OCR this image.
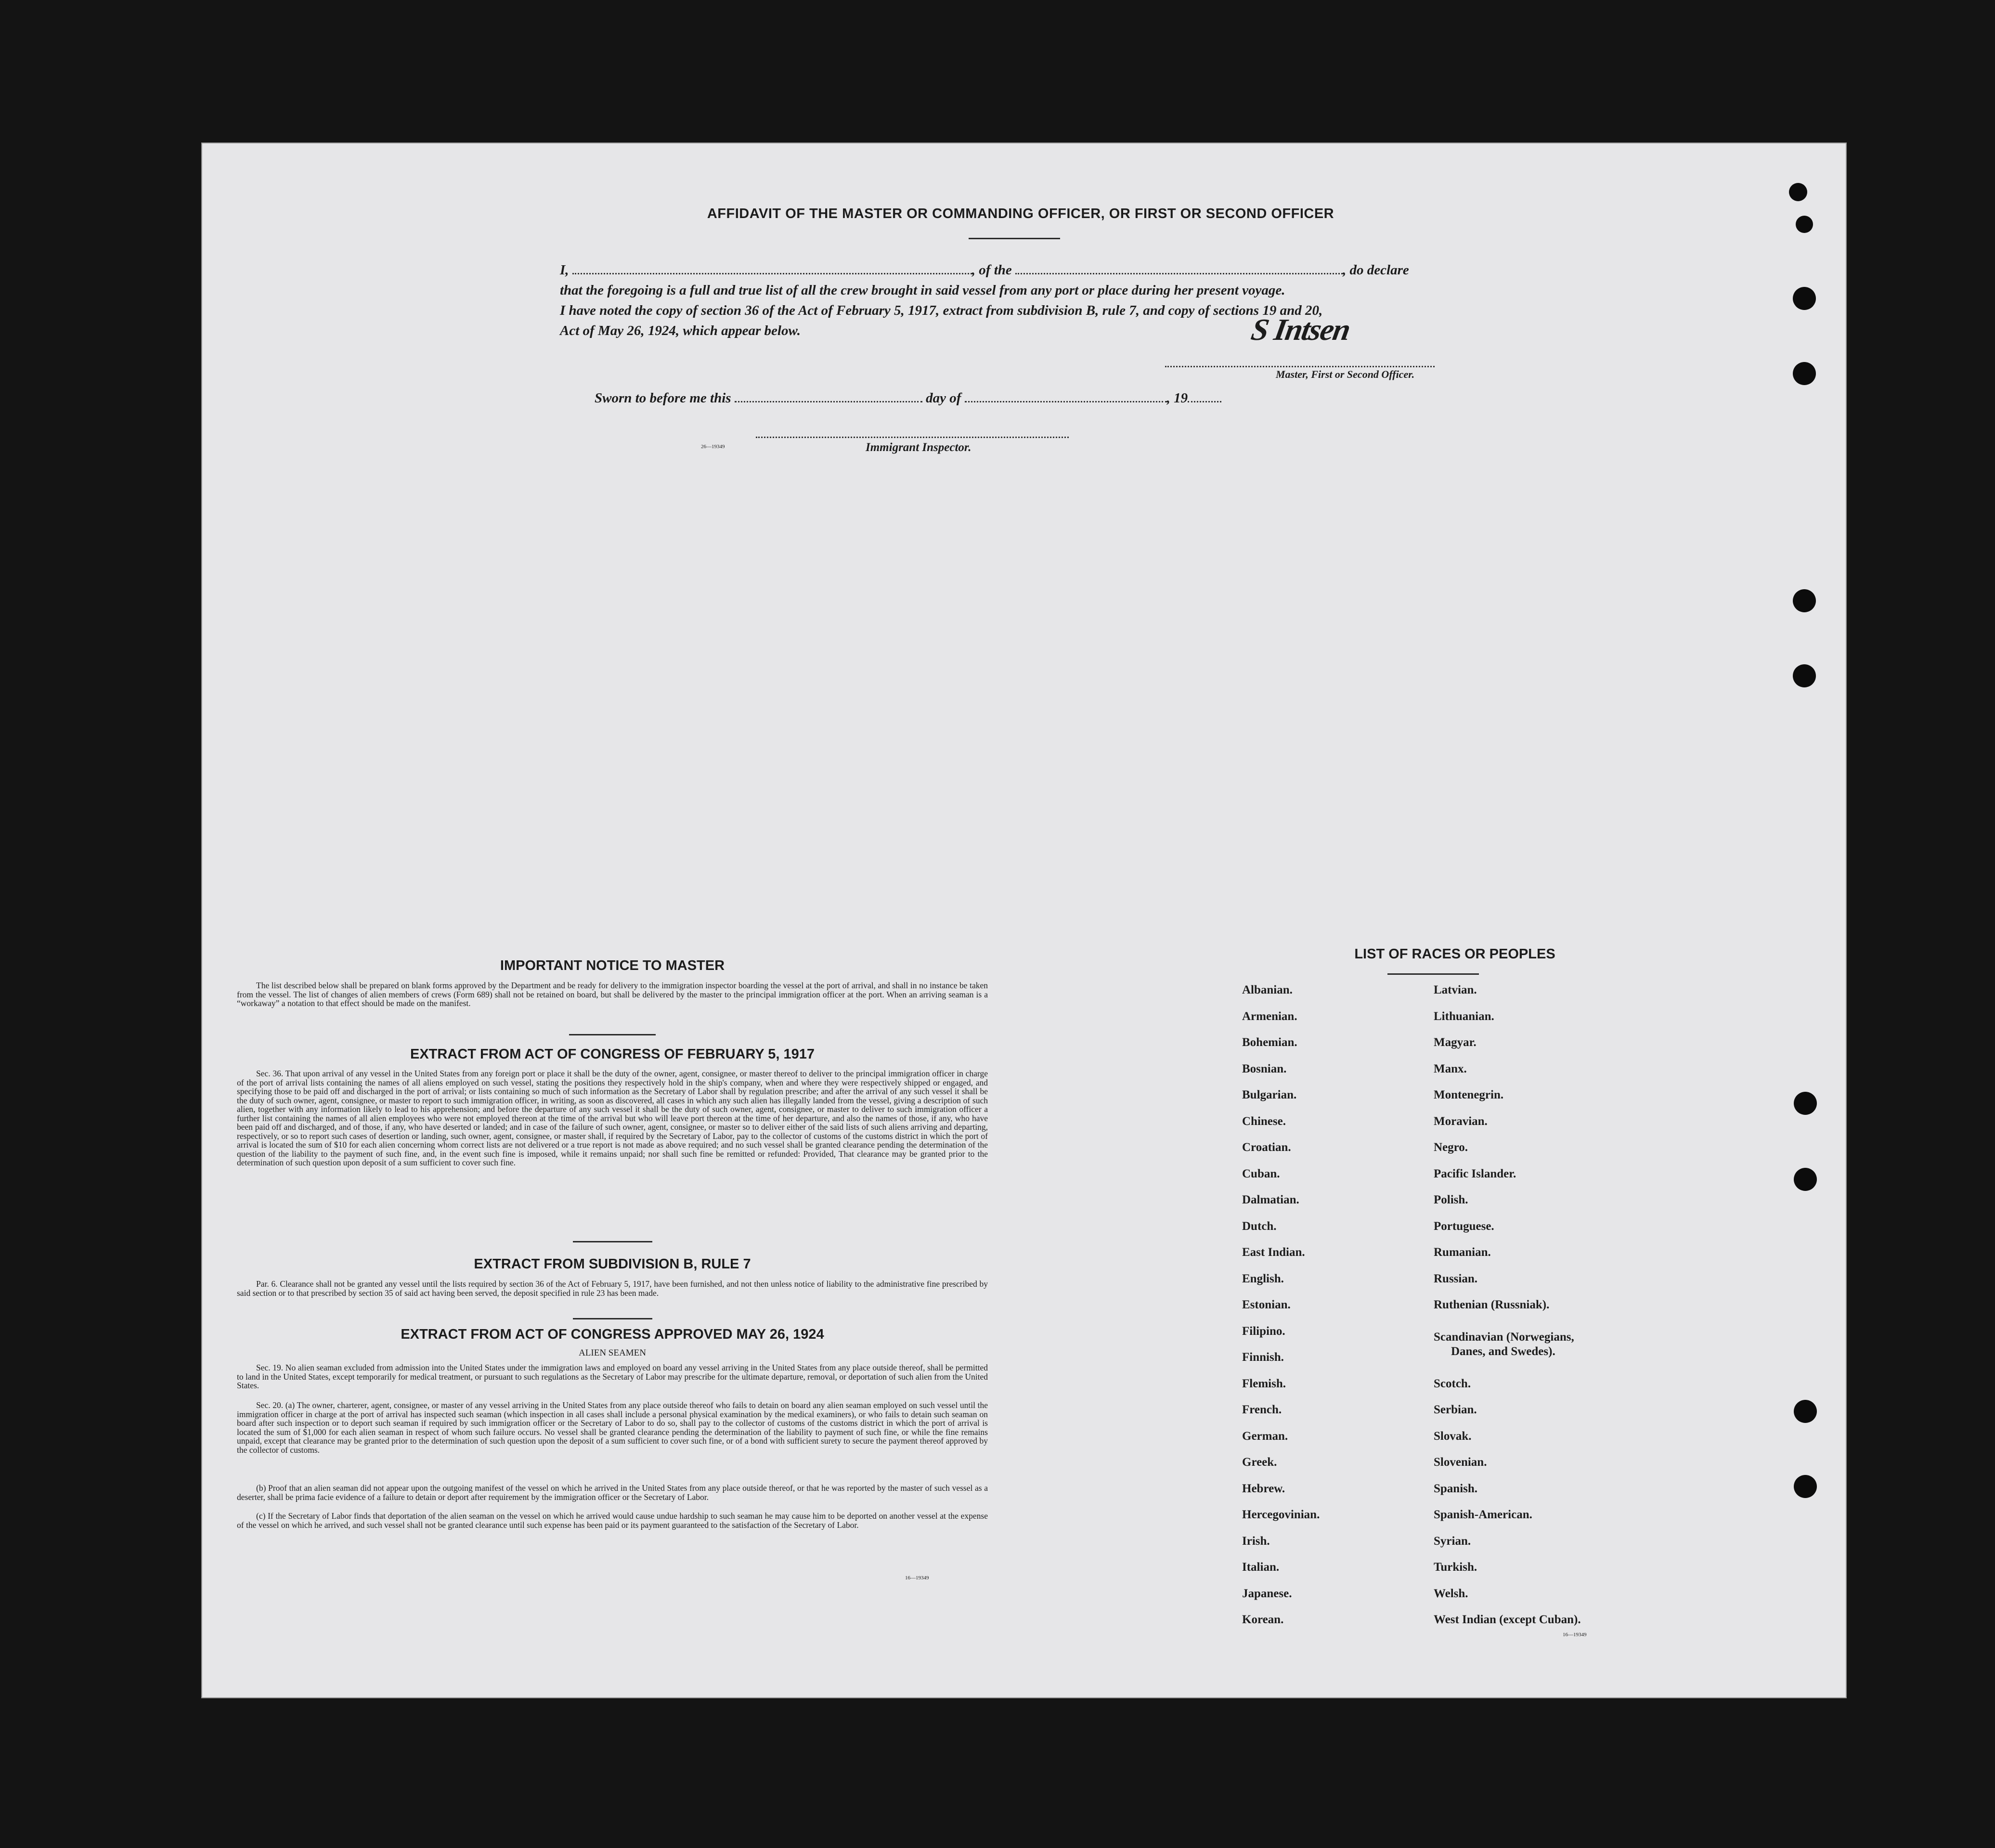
AFFIDAVIT OF THE MASTER OR COMMANDING OFFICER, OR FIRST OR SECOND OFFICER
I,	, of the	, do declare
that the foregoing is a full and true list of all the crew brought in said vessel from any port or place during her present voyage.
I have noted the copy of section 36 of the Act of February 5, 1917, extract from subdivision B, rule 7, and copy of sections 19 and 20,
Act of May 26, 1924, which appear below.	S Intsen
Master, First or Second Officer.
Sworn to before me this	day of	, 19
26—19349	Immigrant Inspector.
IMPORTANT NOTICE TO MASTER
The list described below shall be prepared on blank forms approved by the Department and be ready for delivery to the immigration inspector boarding the vessel at the port of arrival, and shall in no instance be taken from the vessel. The list of changes of alien members of crews (Form 689) shall not be retained on board, but shall be delivered by the master to the principal immigration officer at the port. When an arriving seaman is a “workaway” a notation to that effect should be made on the manifest.
EXTRACT FROM ACT OF CONGRESS OF FEBRUARY 5, 1917
Sec. 36. That upon arrival of any vessel in the United States from any foreign port or place it shall be the duty of the owner, agent, consignee, or master thereof to deliver to the principal immigration officer in charge of the port of arrival lists containing the names of all aliens employed on such vessel, stating the positions they respectively hold in the ship's company, when and where they were respectively shipped or engaged, and specifying those to be paid off and discharged in the port of arrival; or lists containing so much of such information as the Secretary of Labor shall by regulation prescribe; and after the arrival of any such vessel it shall be the duty of such owner, agent, consignee, or master to report to such immigration officer, in writing, as soon as discovered, all cases in which any such alien has illegally landed from the vessel, giving a description of such alien, together with any information likely to lead to his apprehension; and before the departure of any such vessel it shall be the duty of such owner, agent, consignee, or master to deliver to such immigration officer a further list containing the names of all alien employees who were not employed thereon at the time of the arrival but who will leave port thereon at the time of her departure, and also the names of those, if any, who have been paid off and discharged, and of those, if any, who have deserted or landed; and in case of the failure of such owner, agent, consignee, or master so to deliver either of the said lists of such aliens arriving and departing, respectively, or so to report such cases of desertion or landing, such owner, agent, consignee, or master shall, if required by the Secretary of Labor, pay to the collector of customs of the customs district in which the port of arrival is located the sum of $10 for each alien concerning whom correct lists are not delivered or a true report is not made as above required; and no such vessel shall be granted clearance pending the determination of the question of the liability to the payment of such fine, and, in the event such fine is imposed, while it remains unpaid; nor shall such fine be remitted or refunded: Provided, That clearance may be granted prior to the determination of such question upon deposit of a sum sufficient to cover such fine.
EXTRACT FROM SUBDIVISION B, RULE 7
Par. 6. Clearance shall not be granted any vessel until the lists required by section 36 of the Act of February 5, 1917, have been furnished, and not then unless notice of liability to the administrative fine prescribed by said section or to that prescribed by section 35 of said act having been served, the deposit specified in rule 23 has been made.
EXTRACT FROM ACT OF CONGRESS APPROVED MAY 26, 1924
ALIEN SEAMEN
Sec. 19. No alien seaman excluded from admission into the United States under the immigration laws and employed on board any vessel arriving in the United States from any place outside thereof, shall be permitted to land in the United States, except temporarily for medical treatment, or pursuant to such regulations as the Secretary of Labor may prescribe for the ultimate departure, removal, or deportation of such alien from the United States.
Sec. 20. (a) The owner, charterer, agent, consignee, or master of any vessel arriving in the United States from any place outside thereof who fails to detain on board any alien seaman employed on such vessel until the immigration officer in charge at the port of arrival has inspected such seaman (which inspection in all cases shall include a personal physical examination by the medical examiners), or who fails to detain such seaman on board after such inspection or to deport such seaman if required by such immigration officer or the Secretary of Labor to do so, shall pay to the collector of customs of the customs district in which the port of arrival is located the sum of $1,000 for each alien seaman in respect of whom such failure occurs. No vessel shall be granted clearance pending the determination of the liability to payment of such fine, or while the fine remains unpaid, except that clearance may be granted prior to the determination of such question upon the deposit of a sum sufficient to cover such fine, or of a bond with sufficient surety to secure the payment thereof approved by the collector of customs.
(b) Proof that an alien seaman did not appear upon the outgoing manifest of the vessel on which he arrived in the United States from any place outside thereof, or that he was reported by the master of such vessel as a deserter, shall be prima facie evidence of a failure to detain or deport after requirement by the immigration officer or the Secretary of Labor.
(c) If the Secretary of Labor finds that deportation of the alien seaman on the vessel on which he arrived would cause undue hardship to such seaman he may cause him to be deported on another vessel at the expense of the vessel on which he arrived, and such vessel shall not be granted clearance until such expense has been paid or its payment guaranteed to the satisfaction of the Secretary of Labor.
16—19349
LIST OF RACES OR PEOPLES
Albanian.
Armenian.
Bohemian.
Bosnian.
Bulgarian.
Chinese.
Croatian.
Cuban.
Dalmatian.
Dutch.
East Indian.
English.
Estonian.
Filipino.
Finnish.
Flemish.
French.
German.
Greek.
Hebrew.
Hercegovinian.
Irish.
Italian.
Japanese.
Korean.
Latvian.
Lithuanian.
Magyar.
Manx.
Montenegrin.
Moravian.
Negro.
Pacific Islander.
Polish.
Portuguese.
Rumanian.
Russian.
Ruthenian (Russniak).
Scandinavian (Norwegians,
Danes, and Swedes).
Scotch.
Serbian.
Slovak.
Slovenian.
Spanish.
Spanish-American.
Syrian.
Turkish.
Welsh.
West Indian (except Cuban).
16—19349
